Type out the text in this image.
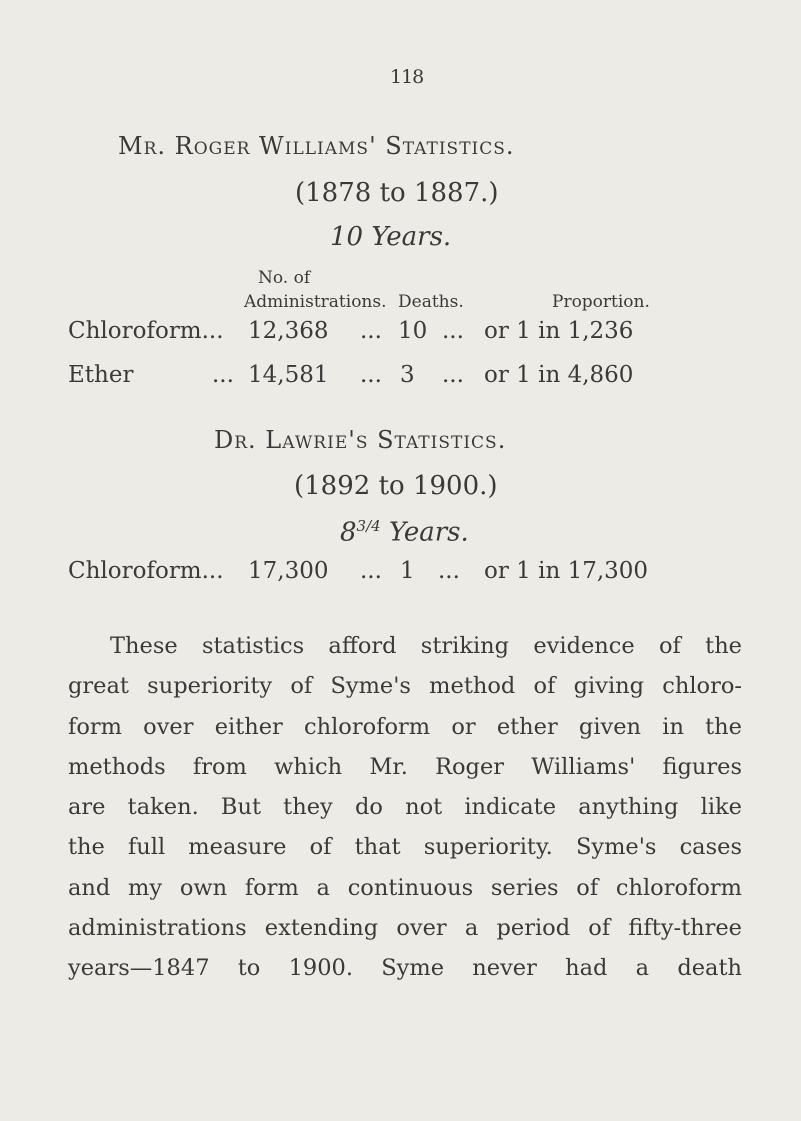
118
Mr. Roger Williams' Statistics.
(1878 to 1887.)
10 Years.
No. of
Administrations. Deaths.	Proportion.
Chloroform... 12,368 ... 10 ... or 1 in 1,236
Ether	... 14,581 ... 3 ... or 1 in 4,860
Dr. Lawrie's Statistics.
(1892 to 1900.)
83/4 Years.
Chloroform... 17,300 ... 1 ... or 1 in 17,300
These statistics afford striking evidence of the
great superiority of Syme's method of giving chloro-
form over either chloroform or ether given in the
methods from which Mr. Roger Williams' figures
are taken. But they do not indicate anything like
the full measure of that superiority. Syme's cases
and my own form a continuous series of chloroform
administrations extending over a period of fifty-three
years—1847 to 1900. Syme never had a death
